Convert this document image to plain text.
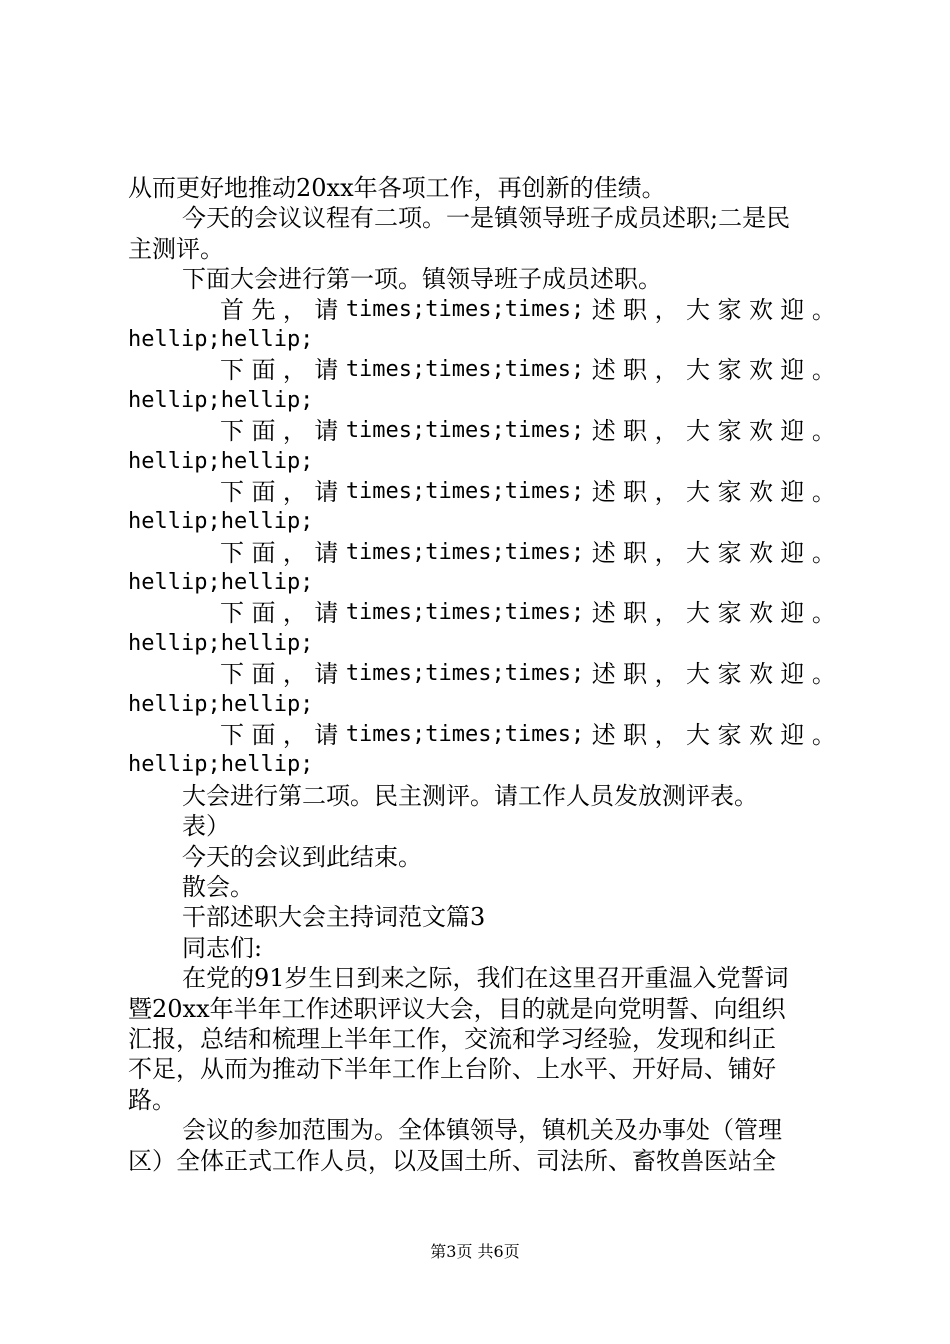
从而更好地推动20xx年各项工作，再创新的佳绩。
今天的会议议程有二项。一是镇领导班子成员述职;二是民
主测评。
下面大会进行第一项。镇领导班子成员述职。
首 先 ， 请 times;times;times; 述 职 ， 大 家 欢 迎 。
hellip;hellip;
下 面 ， 请 times;times;times; 述 职 ， 大 家 欢 迎 。
hellip;hellip;
下 面 ， 请 times;times;times; 述 职 ， 大 家 欢 迎 。
hellip;hellip;
下 面 ， 请 times;times;times; 述 职 ， 大 家 欢 迎 。
hellip;hellip;
下 面 ， 请 times;times;times; 述 职 ， 大 家 欢 迎 。
hellip;hellip;
下 面 ， 请 times;times;times; 述 职 ， 大 家 欢 迎 。
hellip;hellip;
下 面 ， 请 times;times;times; 述 职 ， 大 家 欢 迎 。
hellip;hellip;
下 面 ， 请 times;times;times; 述 职 ， 大 家 欢 迎 。
hellip;hellip;
大会进行第二项。民主测评。请工作人员发放测评表。
表）
今天的会议到此结束。
散会。
干部述职大会主持词范文篇3
同志们:
在党的91岁生日到来之际，我们在这里召开重温入党誓词
暨20xx年半年工作述职评议大会，目的就是向党明誓、向组织
汇报，总结和梳理上半年工作，交流和学习经验，发现和纠正
不足，从而为推动下半年工作上台阶、上水平、开好局、铺好
路。
会议的参加范围为。全体镇领导，镇机关及办事处（管理
区）全体正式工作人员，以及国土所、司法所、畜牧兽医站全
第3页 共6页
